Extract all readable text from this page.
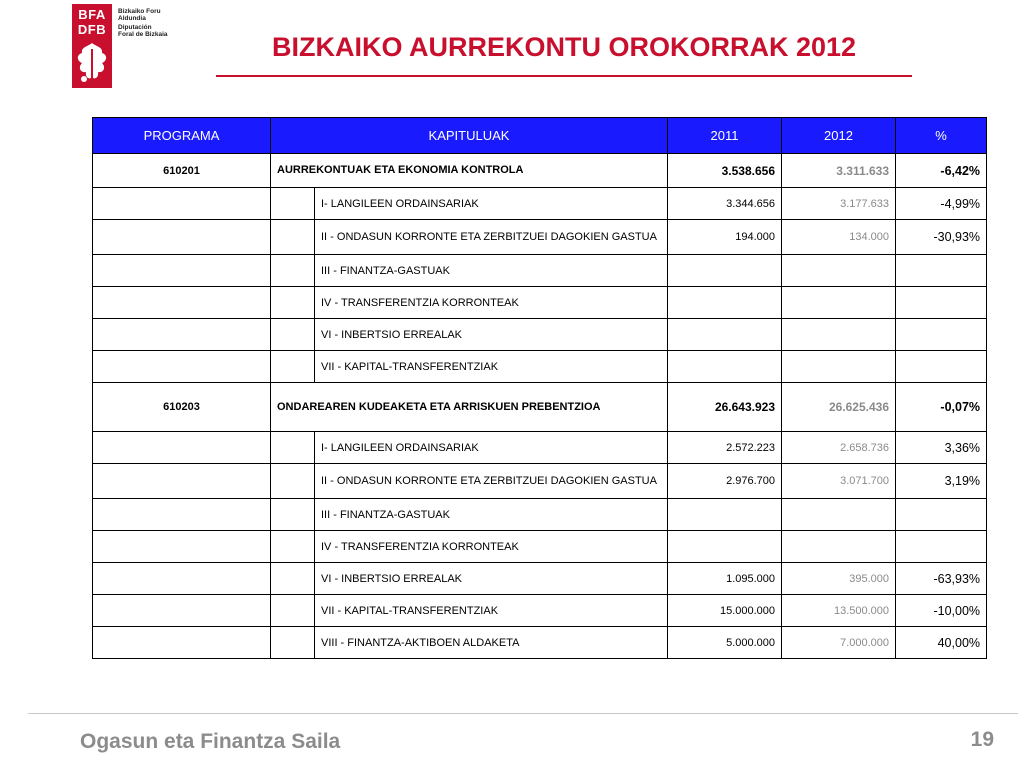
BFA
DFB
Bizkaiko Foru
Aldundia
Diputación
Foral de Bizkaia	BIZKAIKO AURREKONTU OROKORRAK 2012
PROGRAMA	KAPITULUAK		2011	2012	%
610201	AURREKONTUAK ETA EKONOMIA KONTROLA		3.538.656	3.311.633	-6,42%
		I- LANGILEEN ORDAINSARIAK	3.344.656	3.177.633	-4,99%
		II - ONDASUN KORRONTE ETA ZERBITZUEI DAGOKIEN GASTUA	194.000	134.000	-30,93%
		III - FINANTZA-GASTUAK			
		IV - TRANSFERENTZIA KORRONTEAK			
		VI - INBERTSIO ERREALAK			
		VII - KAPITAL-TRANSFERENTZIAK			
610203	ONDAREAREN KUDEAKETA ETA ARRISKUEN PREBENTZIOA		26.643.923	26.625.436	-0,07%
		I- LANGILEEN ORDAINSARIAK	2.572.223	2.658.736	3,36%
		II - ONDASUN KORRONTE ETA ZERBITZUEI DAGOKIEN GASTUA	2.976.700	3.071.700	3,19%
		III - FINANTZA-GASTUAK			
		IV - TRANSFERENTZIA KORRONTEAK			
		VI - INBERTSIO ERREALAK	1.095.000	395.000	-63,93%
		VII - KAPITAL-TRANSFERENTZIAK	15.000.000	13.500.000	-10,00%
		VIII - FINANTZA-AKTIBOEN ALDAKETA	5.000.000	7.000.000	40,00%
Ogasun eta Finantza Saila	19
